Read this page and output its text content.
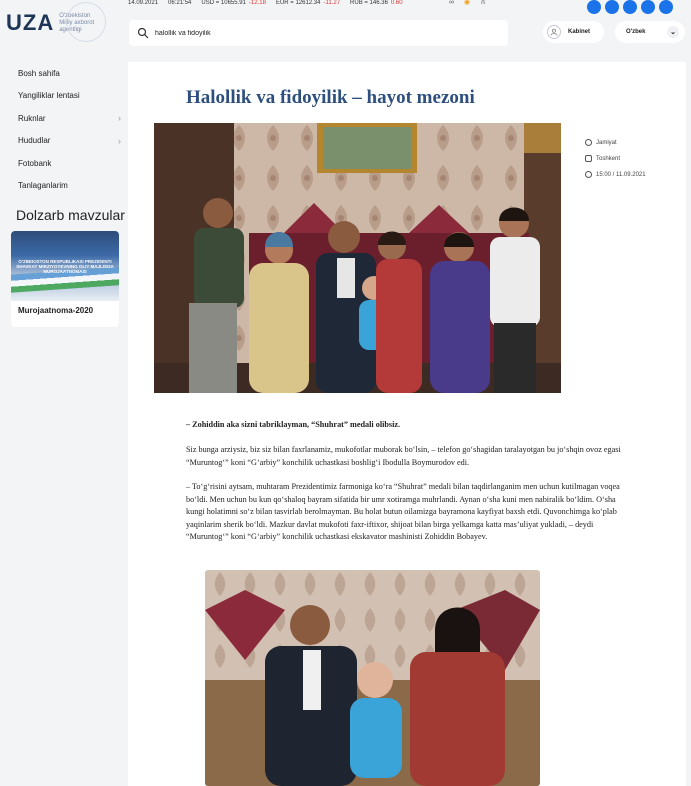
14.09.2021 06:21:54 USD = 10655.91 -12.18 EUR = 12612.34 -11.27 RUB = 146.36 0.60	∞ ◉ ⋔
UZA O'zbekiston
Milliy axborot
agentligi
halollik va fidoyilik	Kabinet	O'zbek	⌄
Bosh sahifa
Yangiliklar lentasi
Ruknlar	›
Hududlar	›
Fotobank
Tanlaganlarim
Dolzarb mavzular
O'ZBEKISTON RESPUBLIKASI PREZIDENTI SHAVKAT MIRZIYOYEVNING OLIY MAJLISGA MUROJAATNOMASI
Murojaatnoma-2020
Halollik va fidoyilik – hayot mezoni
Jamiyat
Toshkent
15:00 / 11.09.2021

– Zohiddin aka sizni tabriklayman, “Shuhrat” medali olibsiz.

Siz bunga arziysiz, biz siz bilan faxrlanamiz, mukofotlar muborak bo‘lsin, – telefon go‘shagidan taralayotgan bu jo‘shqin ovoz egasi “Muruntog‘” koni “G‘arbiy” konchilik uchastkasi boshlig‘i Ibodulla Boymurodov edi.

– To‘g‘risini aytsam, muhtaram Prezidentimiz farmoniga ko‘ra “Shuhrat” medali bilan taqdirlanganim men uchun kutilmagan voqea bo‘ldi. Men uchun bu kun qo‘shaloq bayram sifatida bir umr xotiramga muhrlandi. Aynan o‘sha kuni men nabiralik bo‘ldim. O‘sha kungi holatimni so‘z bilan tasvirlab berolmayman. Bu holat butun oilamizga bayramona kayfiyat baxsh etdi. Quvonchimga ko‘plab yaqinlarim sherik bo‘ldi. Mazkur davlat mukofoti faxr-iftixor, shijoat bilan birga yelkamga katta mas’uliyat yukladi, – deydi “Muruntog‘” koni “G‘arbiy” konchilik uchastkasi ekskavator mashinisti Zohiddin Bobayev.
